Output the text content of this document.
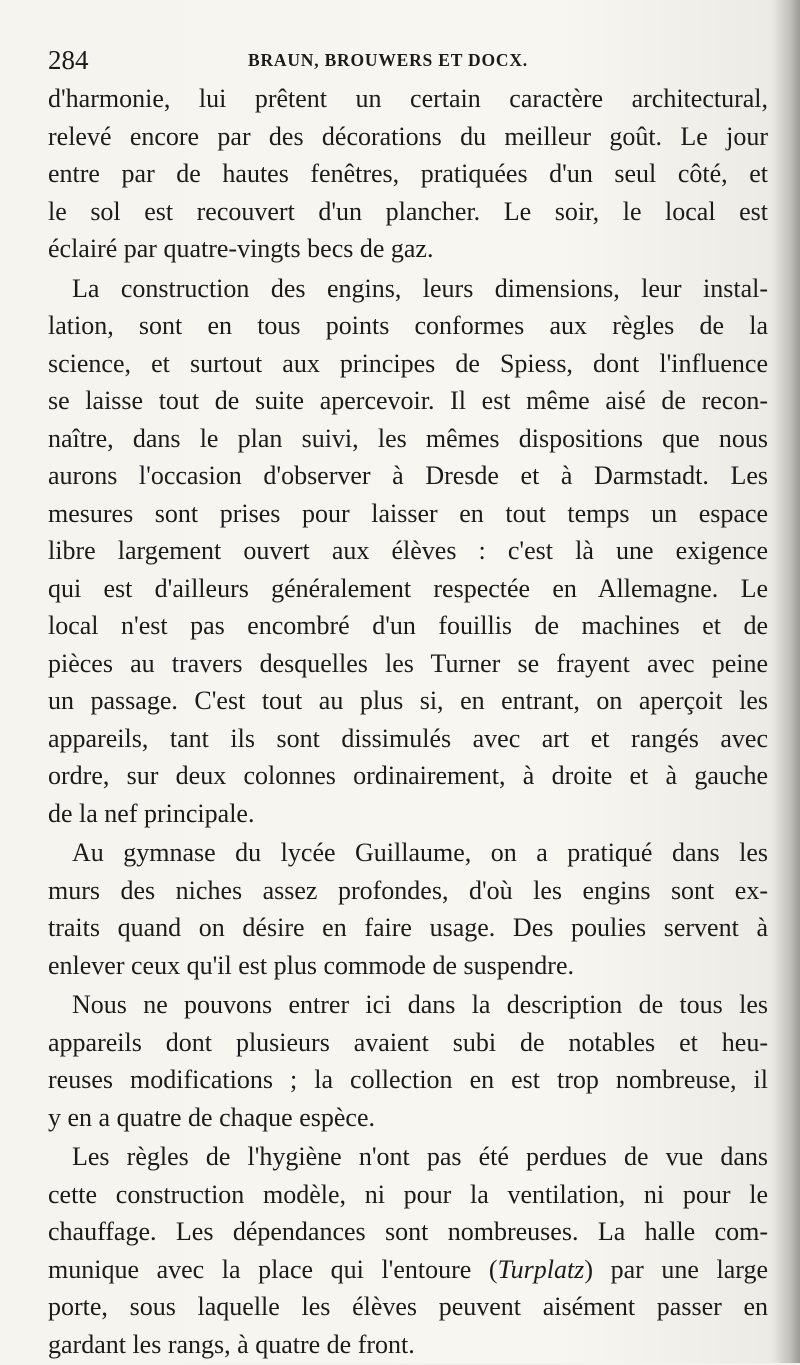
284	BRAUN, BROUWERS ET DOCX.
d'harmonie, lui prêtent un certain caractère architectural,
relevé encore par des décorations du meilleur goût. Le jour
entre par de hautes fenêtres, pratiquées d'un seul côté, et
le sol est recouvert d'un plancher. Le soir, le local est
éclairé par quatre-vingts becs de gaz.
La construction des engins, leurs dimensions, leur instal-
lation, sont en tous points conformes aux règles de la
science, et surtout aux principes de Spiess, dont l'influence
se laisse tout de suite apercevoir. Il est même aisé de recon-
naître, dans le plan suivi, les mêmes dispositions que nous
aurons l'occasion d'observer à Dresde et à Darmstadt. Les
mesures sont prises pour laisser en tout temps un espace
libre largement ouvert aux élèves : c'est là une exigence
qui est d'ailleurs généralement respectée en Allemagne. Le
local n'est pas encombré d'un fouillis de machines et de
pièces au travers desquelles les Turner se frayent avec peine
un passage. C'est tout au plus si, en entrant, on aperçoit les
appareils, tant ils sont dissimulés avec art et rangés avec
ordre, sur deux colonnes ordinairement, à droite et à gauche
de la nef principale.
Au gymnase du lycée Guillaume, on a pratiqué dans les
murs des niches assez profondes, d'où les engins sont ex-
traits quand on désire en faire usage. Des poulies servent à
enlever ceux qu'il est plus commode de suspendre.
Nous ne pouvons entrer ici dans la description de tous les
appareils dont plusieurs avaient subi de notables et heu-
reuses modifications ; la collection en est trop nombreuse, il
y en a quatre de chaque espèce.
Les règles de l'hygiène n'ont pas été perdues de vue dans
cette construction modèle, ni pour la ventilation, ni pour le
chauffage. Les dépendances sont nombreuses. La halle com-
munique avec la place qui l'entoure (Turplatz) par une large
porte, sous laquelle les élèves peuvent aisément passer en
gardant les rangs, à quatre de front.
